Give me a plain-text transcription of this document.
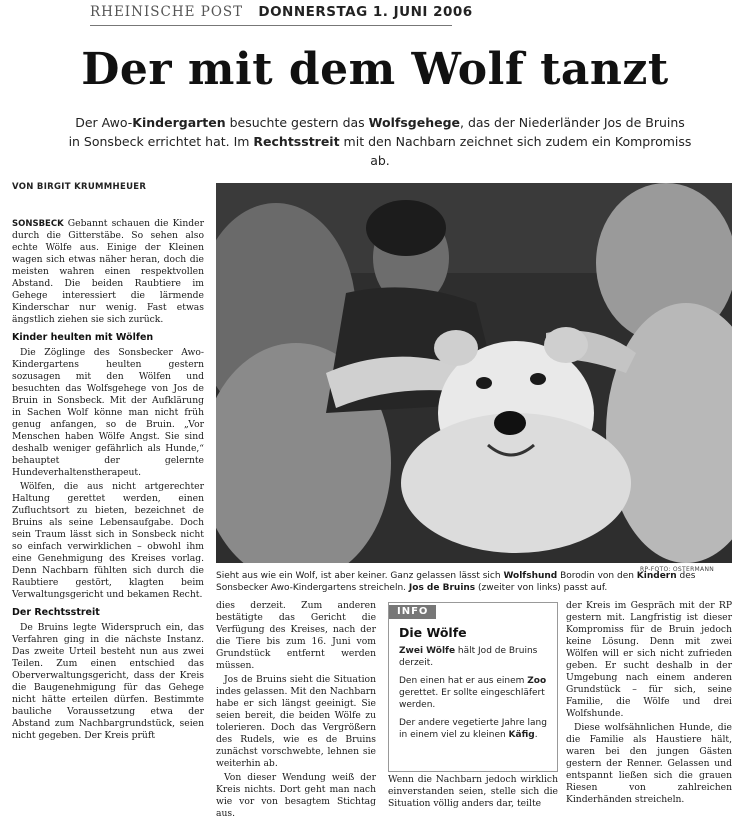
RHEINISCHE POST DONNERSTAG 1. JUNI 2006
Der mit dem Wolf tanzt
Der Awo-Kindergarten besuchte gestern das Wolfsgehege, das der Niederländer Jos de Bruins
in Sonsbeck errichtet hat. Im Rechtsstreit mit den Nachbarn zeichnet sich zudem ein Kompromiss ab.
VON BIRGIT KRUMMHEUER

SONSBECK Gebannt schauen die Kinder durch die Gitterstäbe. So sehen also echte Wölfe aus. Einige der Kleinen wagen sich etwas näher heran, doch die meisten wahren einen respektvollen Abstand. Die beiden Raubtiere im Gehege interessiert die lärmende Kinderschar nur wenig. Fast etwas ängstlich ziehen sie sich zurück.

Kinder heulten mit Wölfen

Die Zöglinge des Sonsbecker Awo-Kindergartens heulten gestern sozusagen mit den Wölfen und besuchten das Wolfsgehege von Jos de Bruin in Sonsbeck. Mit der Aufklärung in Sachen Wolf könne man nicht früh genug anfangen, so de Bruin. „Vor Menschen haben Wölfe Angst. Sie sind deshalb weniger gefährlich als Hunde,“ behauptet der gelernte Hundeverhaltenstherapeut.

Wölfen, die aus nicht artgerechter Haltung gerettet werden, einen Zufluchtsort zu bieten, bezeichnet de Bruins als seine Lebensaufgabe. Doch sein Traum lässt sich in Sonsbeck nicht so einfach verwirklichen – obwohl ihm eine Genehmigung des Kreises vorlag. Denn Nachbarn fühlten sich durch die Raubtiere gestört, klagten beim Verwaltungsgericht und bekamen Recht.

Der Rechtsstreit

De Bruins legte Widerspruch ein, das Verfahren ging in die nächste Instanz. Das zweite Urteil besteht nun aus zwei Teilen. Zum einen entschied das Oberverwaltungsgericht, dass der Kreis die Baugenehmigung für das Gehege nicht hätte erteilen dürfen. Bestimmte bauliche Voraussetzung etwa der Abstand zum Nachbargrundstück, seien nicht gegeben. Der Kreis prüft

RP-FOTO: OSTERMANN
Sieht aus wie ein Wolf, ist aber keiner. Ganz gelassen lässt sich Wolfshund Borodin von den Kindern des Sonsbecker Awo-Kindergartens streicheln. Jos de Bruins (zweiter von links) passt auf.

dies derzeit. Zum anderen bestätigte das Gericht die Verfügung des Kreises, nach der die Tiere bis zum 16. Juni vom Grundstück entfernt werden müssen.

Jos de Bruins sieht die Situation indes gelassen. Mit den Nachbarn habe er sich längst geeinigt. Sie seien bereit, die beiden Wölfe zu tolerieren. Doch das Vergrößern des Rudels, wie es de Bruins zunächst vorschwebte, lehnen sie weiterhin ab.

Von dieser Wendung weiß der Kreis nichts. Dort geht man nach wie vor von besagtem Stichtag aus.

INFO
Die Wölfe

Zwei Wölfe hält Jod de Bruins derzeit.

Den einen hat er aus einem Zoo gerettet. Er sollte eingeschläfert werden.

Der andere vegetierte Jahre lang in einem viel zu kleinen Käfig.

Wenn die Nachbarn jedoch wirklich einverstanden seien, stelle sich die Situation völlig anders dar, teilte

der Kreis im Gespräch mit der RP gestern mit. Langfristig ist dieser Kompromiss für de Bruin jedoch keine Lösung. Denn mit zwei Wölfen will er sich nicht zufrieden geben. Er sucht deshalb in der Umgebung nach einem anderen Grundstück – für sich, seine Familie, die Wölfe und drei Wolfshunde.

Diese wolfsähnlichen Hunde, die die Familie als Haustiere hält, waren bei den jungen Gästen gestern der Renner. Gelassen und entspannt ließen sich die grauen Riesen von zahlreichen Kinderhänden streicheln.
